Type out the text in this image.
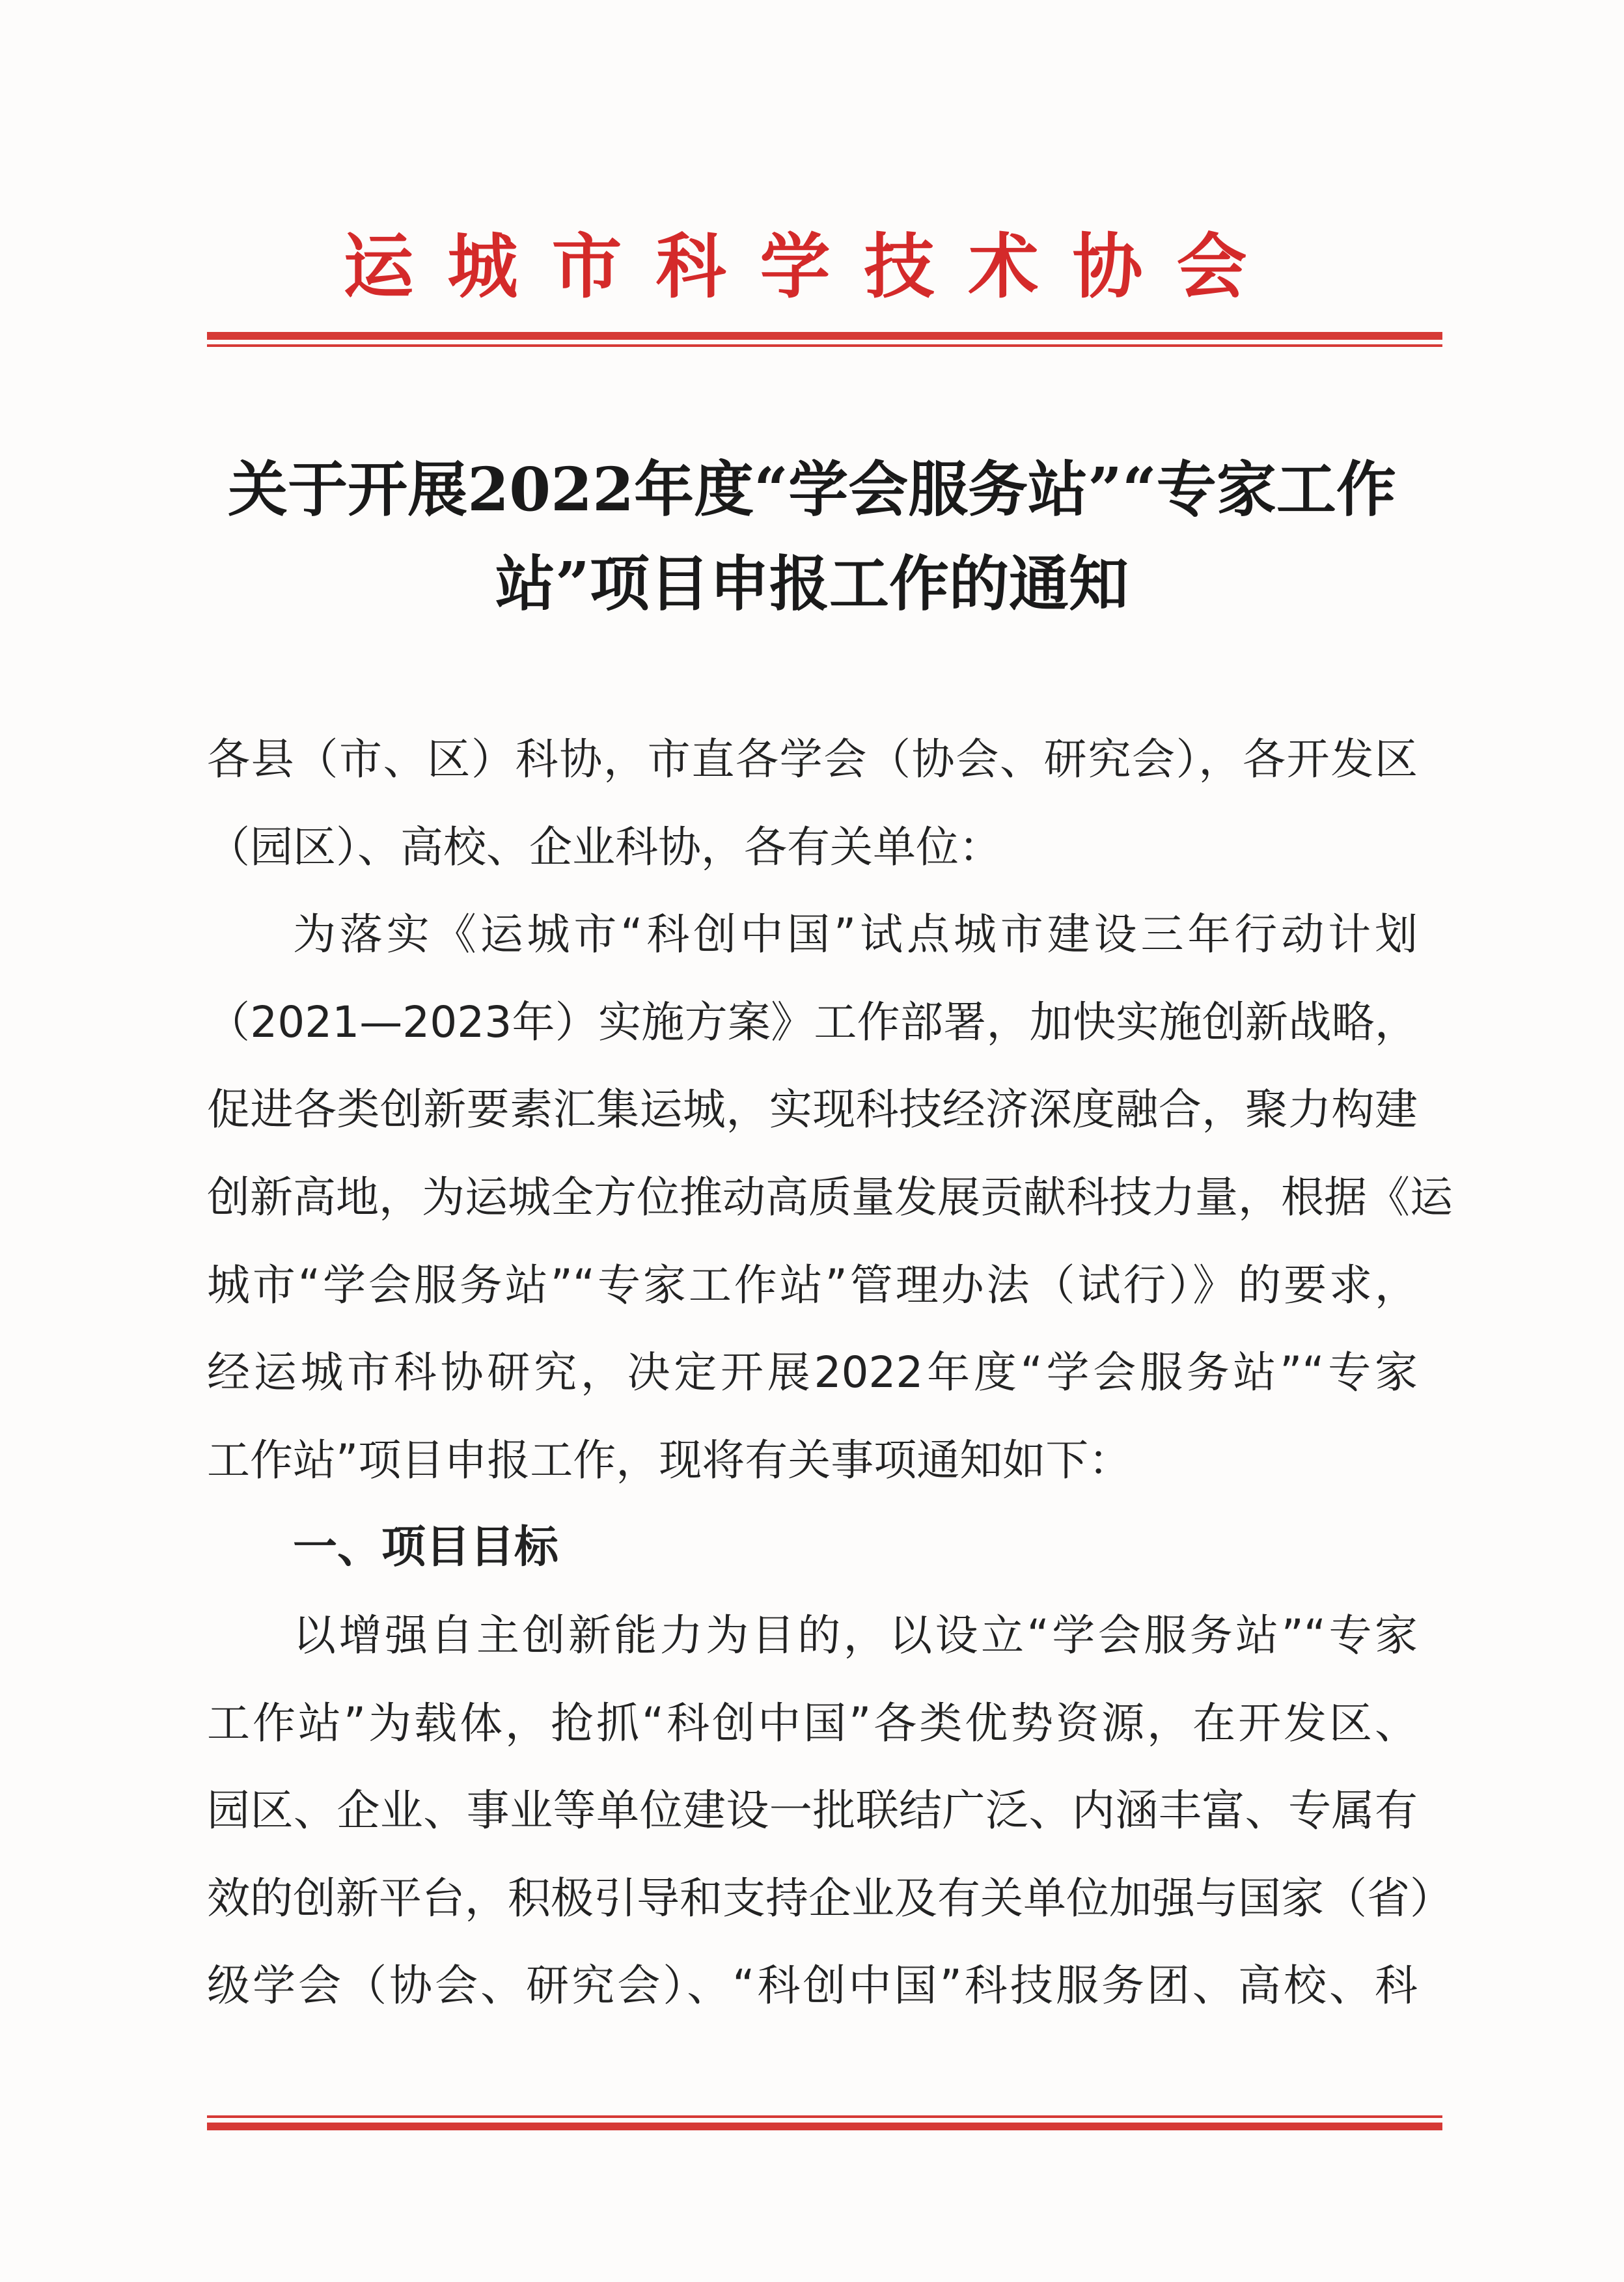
运城市科学技术协会
关于开展2022年度“学会服务站”“专家工作
站”项目申报工作的通知
各县（市、区）科协，市直各学会（协会、研究会），各开发区
（园区）、高校、企业科协，各有关单位：
为落实《运城市“科创中国”试点城市建设三年行动计划
（2021—2023年）实施方案》工作部署，加快实施创新战略，
促进各类创新要素汇集运城，实现科技经济深度融合，聚力构建
创新高地，为运城全方位推动高质量发展贡献科技力量，根据《运
城市“学会服务站”“专家工作站”管理办法（试行）》的要求，
经运城市科协研究，决定开展2022年度“学会服务站”“专家
工作站”项目申报工作，现将有关事项通知如下：
一、项目目标
以增强自主创新能力为目的，以设立“学会服务站”“专家
工作站”为载体，抢抓“科创中国”各类优势资源，在开发区、
园区、企业、事业等单位建设一批联结广泛、内涵丰富、专属有
效的创新平台，积极引导和支持企业及有关单位加强与国家（省）
级学会（协会、研究会）、“科创中国”科技服务团、高校、科
